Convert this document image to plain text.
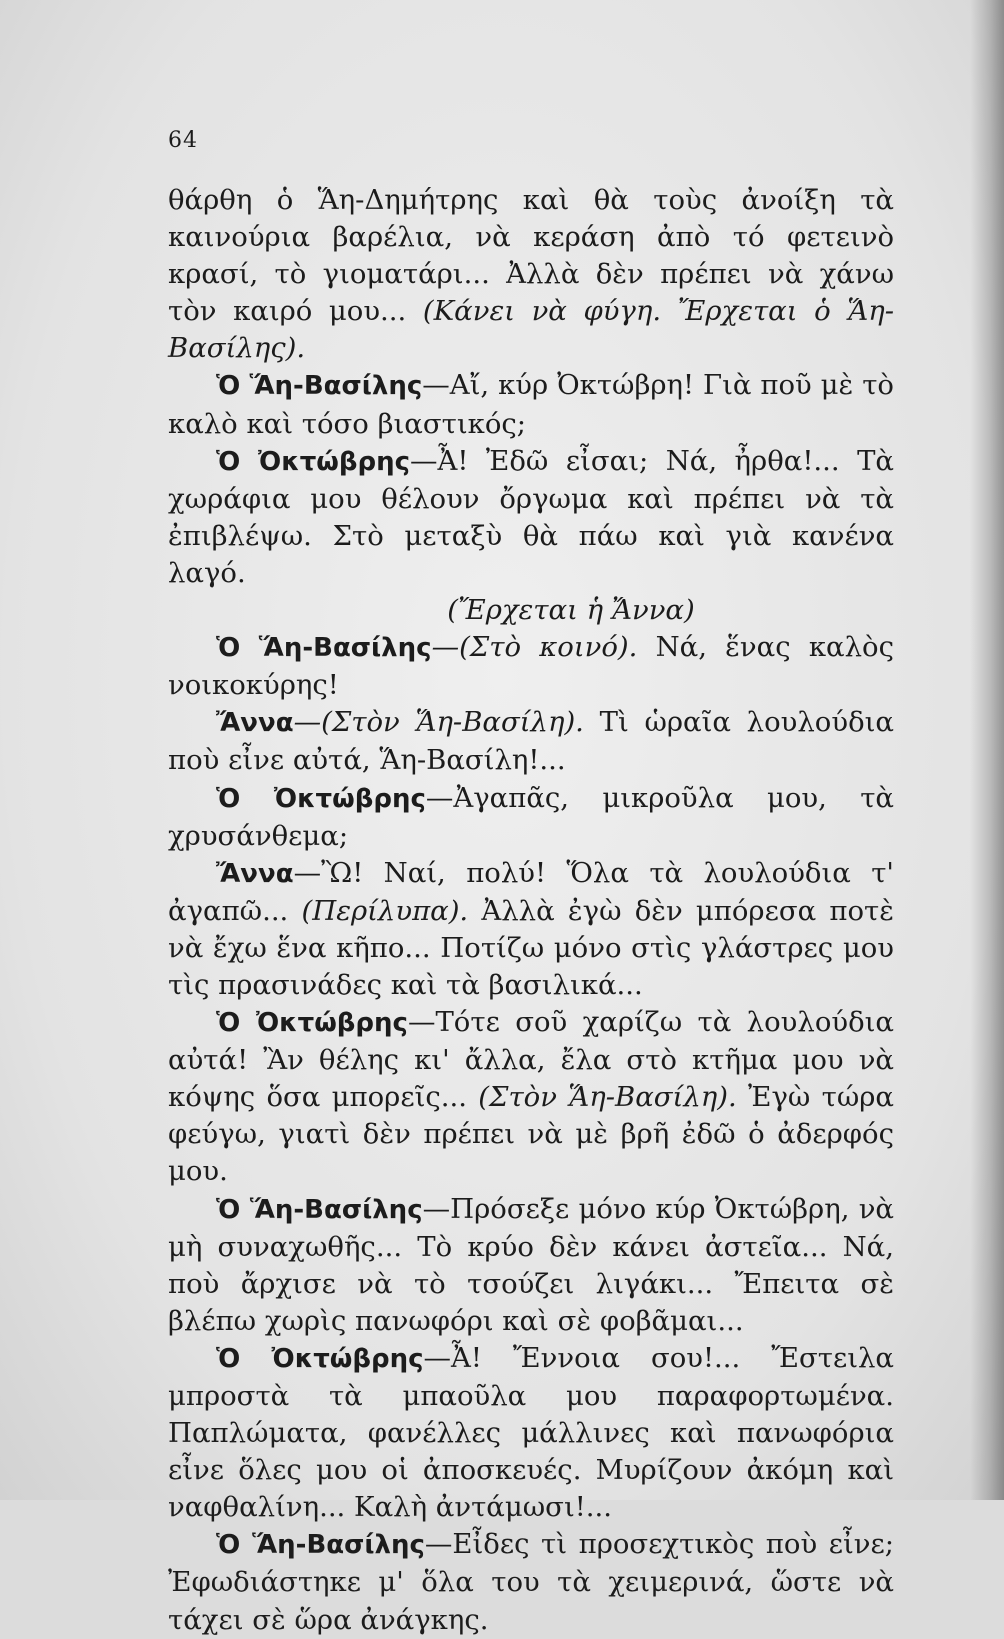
64

θάρθη ὁ Ἅη-Δημήτρης καὶ θὰ τοὺς ἀνοίξη τὰ καινούρια βαρέλια, νὰ κεράση ἀπὸ τό φετεινὸ κρασί, τὸ γιοματάρι... Ἀλλὰ δὲν πρέπει νὰ χάνω τὸν καιρό μου... (Κάνει νὰ φύγη. Ἔρχεται ὁ Ἅη-Βασίλης).

Ὁ Ἅη-Βασίλης—Αἴ, κύρ Ὀκτώβρη! Γιὰ ποῦ μὲ τὸ καλὸ καὶ τόσο βιαστικός;

Ὁ Ὀκτώβρης—Ἆ! Ἐδῶ εἶσαι; Νά, ἦρθα!... Τὰ χωράφια μου θέλουν ὄργωμα καὶ πρέπει νὰ τὰ ἐπιβλέψω. Στὸ μεταξὺ θὰ πάω καὶ γιὰ κανένα λαγό.

(Ἔρχεται ἡ Ἄννα)

Ὁ Ἅη-Βασίλης—(Στὸ κοινό). Νά, ἕνας καλὸς νοικοκύρης!

Ἄννα—(Στὸν Ἅη-Βασίλη). Τὶ ὡραῖα λουλούδια ποὺ εἶνε αὐτά, Ἅη-Βασίλη!...

Ὁ Ὀκτώβρης—Ἀγαπᾶς, μικροῦλα μου, τὰ χρυσάνθεμα;

Ἄννα—Ὢ! Ναί, πολύ! Ὅλα τὰ λουλούδια τ' ἀγαπῶ... (Περίλυπα). Ἀλλὰ ἐγὼ δὲν μπόρεσα ποτὲ νὰ ἔχω ἕνα κῆπο... Ποτίζω μόνο στὶς γλάστρες μου τὶς πρασινάδες καὶ τὰ βασιλικά...

Ὁ Ὀκτώβρης—Τότε σοῦ χαρίζω τὰ λουλούδια αὐτά! Ἂν θέλης κι' ἄλλα, ἔλα στὸ κτῆμα μου νὰ κόψης ὅσα μπορεῖς... (Στὸν Ἅη-Βασίλη). Ἐγὼ τώρα φεύγω, γιατὶ δὲν πρέπει νὰ μὲ βρῆ ἐδῶ ὁ ἀδερφός μου.

Ὁ Ἅη-Βασίλης—Πρόσεξε μόνο κύρ Ὀκτώβρη, νὰ μὴ συναχωθῆς... Τὸ κρύο δὲν κάνει ἀστεῖα... Νά, ποὺ ἄρχισε νὰ τὸ τσούζει λιγάκι... Ἔπειτα σὲ βλέπω χωρὶς πανωφόρι καὶ σὲ φοβᾶμαι...

Ὁ Ὀκτώβρης—Ἆ! Ἔννοια σου!... Ἔστειλα μπροστὰ τὰ μπαοῦλα μου παραφορτωμένα. Παπλώματα, φανέλλες μάλλινες καὶ πανωφόρια εἶνε ὅλες μου οἱ ἀποσκευές. Μυρίζουν ἀκόμη καὶ ναφθαλίνη... Καλὴ ἀντάμωσι!...

Ὁ Ἅη-Βασίλης—Εἶδες τὶ προσεχτικὸς ποὺ εἶνε; Ἐφωδιάστηκε μ' ὅλα του τὰ χειμερινά, ὥστε νὰ τάχει σὲ ὥρα ἀνάγκης.
